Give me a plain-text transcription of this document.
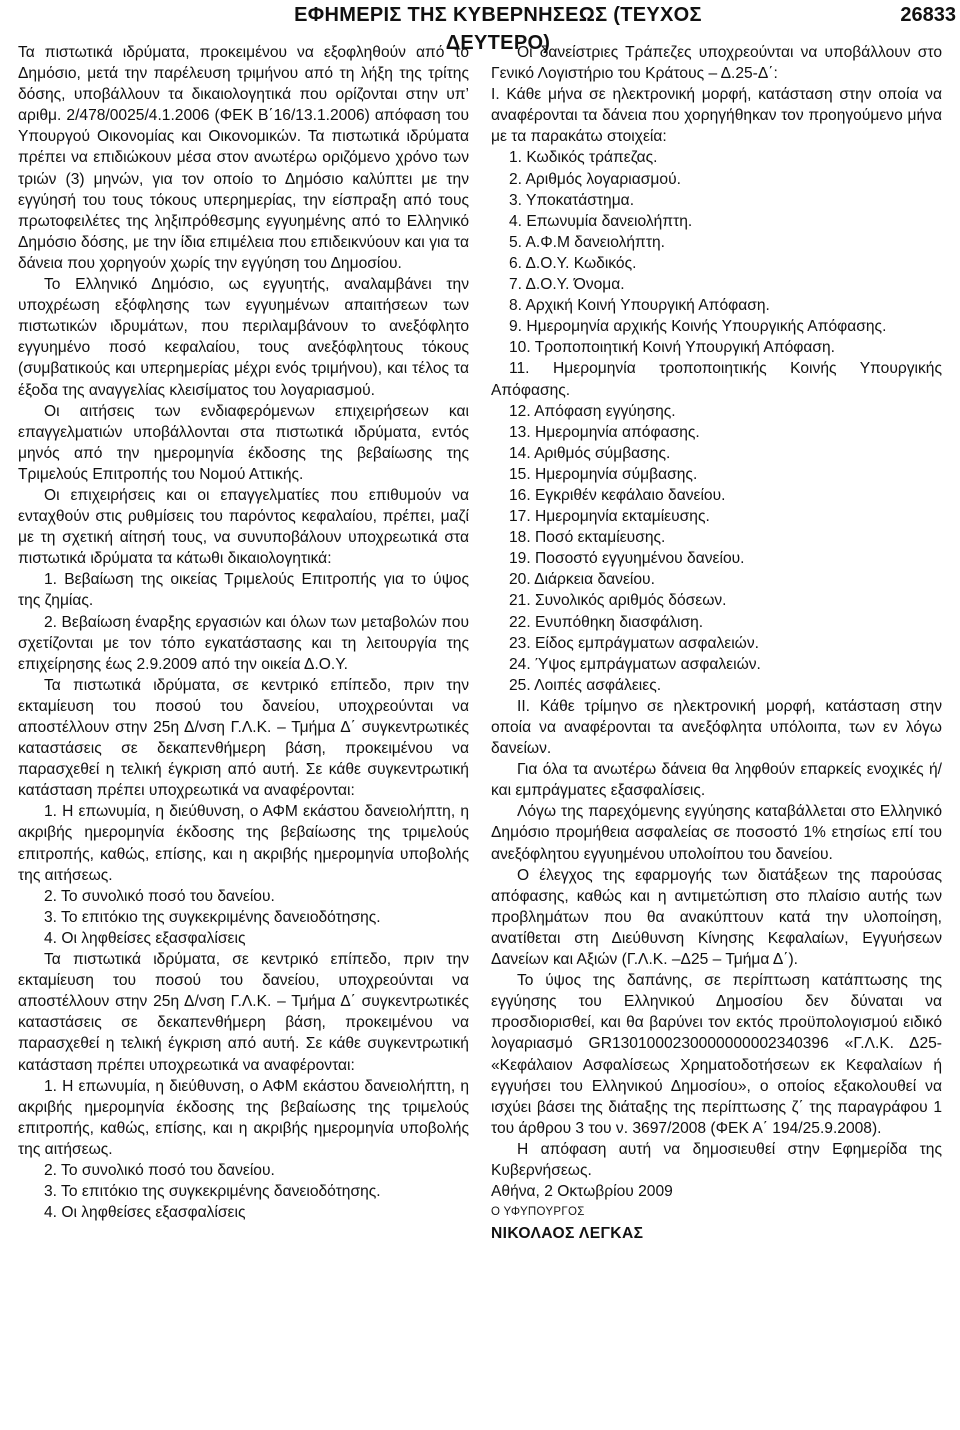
ΕΦΗΜΕΡΙΣ ΤΗΣ ΚΥΒΕΡΝΗΣΕΩΣ (ΤΕΥΧΟΣ ΔΕΥΤΕΡΟ)
26833

Τα πιστωτικά ιδρύματα, προκειμένου να εξοφληθούν από το Δημόσιο, μετά την παρέλευση τριμήνου από τη λήξη της τρίτης δόσης, υποβάλλουν τα δικαιολογητικά που ορίζονται στην υπ’ αριθμ. 2/478/0025/4.1.2006 (ΦΕΚ Β΄16/13.1.2006) απόφαση του Υπουργού Οικονομίας και Οικονομικών. Τα πιστωτικά ιδρύματα πρέπει να επιδιώκουν μέσα στον ανωτέρω οριζόμενο χρόνο των τριών (3) μηνών, για τον οποίο το Δημόσιο καλύπτει με την εγγύησή του τους τόκους υπερημερίας, την είσπραξη από τους πρωτοφειλέτες της ληξιπρόθεσμης εγγυημένης από το Ελληνικό Δημόσιο δόσης, με την ίδια επιμέλεια που επιδεικνύουν και για τα δάνεια που χορηγούν χωρίς την εγγύηση του Δημοσίου.

Το Ελληνικό Δημόσιο, ως εγγυητής, αναλαμβάνει την υποχρέωση εξόφλησης των εγγυημένων απαιτήσεων των πιστωτικών ιδρυμάτων, που περιλαμβάνουν το ανεξόφλητο εγγυημένο ποσό κεφαλαίου, τους ανεξόφλητους τόκους (συμβατικούς και υπερημερίας μέχρι ενός τριμήνου), και τέλος τα έξοδα της αναγγελίας κλεισίματος του λογαριασμού.

Οι αιτήσεις των ενδιαφερόμενων επιχειρήσεων και επαγγελματιών υποβάλλονται στα πιστωτικά ιδρύματα, εντός μηνός από την ημερομηνία έκδοσης της βεβαίωσης της Τριμελούς Επιτροπής του Νομού Αττικής.

Οι επιχειρήσεις και οι επαγγελματίες που επιθυμούν να ενταχθούν στις ρυθμίσεις του παρόντος κεφαλαίου, πρέπει, μαζί με τη σχετική αίτησή τους, να συνυποβάλουν υποχρεωτικά στα πιστωτικά ιδρύματα τα κάτωθι δικαιολογητικά:

1. Βεβαίωση της οικείας Τριμελούς Επιτροπής για το ύψος της ζημίας.

2. Βεβαίωση έναρξης εργασιών και όλων των μεταβολών που σχετίζονται με τον τόπο εγκατάστασης και τη λειτουργία της επιχείρησης έως 2.9.2009 από την οικεία Δ.Ο.Υ.

Τα πιστωτικά ιδρύματα, σε κεντρικό επίπεδο, πριν την εκταμίευση του ποσού του δανείου, υποχρεούνται να αποστέλλουν στην 25η Δ/νση Γ.Λ.Κ. – Τμήμα Δ΄ συγκεντρωτικές καταστάσεις σε δεκαπενθήμερη βάση, προκειμένου να παρασχεθεί η τελική έγκριση από αυτή. Σε κάθε συγκεντρωτική κατάσταση πρέπει υποχρεωτικά να αναφέρονται:

1. Η επωνυμία, η διεύθυνση, ο ΑΦΜ εκάστου δανειολήπτη, η ακριβής ημερομηνία έκδοσης της βεβαίωσης της τριμελούς επιτροπής, καθώς, επίσης, και η ακριβής ημερομηνία υποβολής της αιτήσεως.

2. Το συνολικό ποσό του δανείου.

3. Το επιτόκιο της συγκεκριμένης δανειοδότησης.

4. Οι ληφθείσες εξασφαλίσεις

Τα πιστωτικά ιδρύματα, σε κεντρικό επίπεδο, πριν την εκταμίευση του ποσού του δανείου, υποχρεούνται να αποστέλλουν στην 25η Δ/νση Γ.Λ.Κ. – Τμήμα Δ΄ συγκεντρωτικές καταστάσεις σε δεκαπενθήμερη βάση, προκειμένου να παρασχεθεί η τελική έγκριση από αυτή. Σε κάθε συγκεντρωτική κατάσταση πρέπει υποχρεωτικά να αναφέρονται:

1. Η επωνυμία, η διεύθυνση, ο ΑΦΜ εκάστου δανειολήπτη, η ακριβής ημερομηνία έκδοσης της βεβαίωσης της τριμελούς επιτροπής, καθώς, επίσης, και η ακριβής ημερομηνία υποβολής της αιτήσεως.

2. Το συνολικό ποσό του δανείου.

3. Το επιτόκιο της συγκεκριμένης δανειοδότησης.

4. Οι ληφθείσες εξασφαλίσεις

Οι δανείστριες Τράπεζες υποχρεούνται να υποβάλλουν στο Γενικό Λογιστήριο του Κράτους – Δ.25-Δ΄:

Ι. Κάθε μήνα σε ηλεκτρονική μορφή, κατάσταση στην οποία να αναφέρονται τα δάνεια που χορηγήθηκαν τον προηγούμενο μήνα με τα παρακάτω στοιχεία:

1. Κωδικός τράπεζας.

2. Αριθμός λογαριασμού.

3. Υποκατάστημα.

4. Επωνυμία δανειολήπτη.

5. Α.Φ.Μ δανειολήπτη.

6. Δ.Ο.Υ. Κωδικός.

7. Δ.Ο.Υ. Όνομα.

8. Αρχική Κοινή Υπουργική Απόφαση.

9. Ημερομηνία αρχικής Κοινής Υπουργικής Απόφασης.

10. Τροποποιητική Κοινή Υπουργική Απόφαση.

11. Ημερομηνία τροποποιητικής Κοινής Υπουργικής Απόφασης.

12. Απόφαση εγγύησης.

13. Ημερομηνία απόφασης.

14. Αριθμός σύμβασης.

15. Ημερομηνία σύμβασης.

16. Εγκριθέν κεφάλαιο δανείου.

17. Ημερομηνία εκταμίευσης.

18. Ποσό εκταμίευσης.

19. Ποσοστό εγγυημένου δανείου.

20. Διάρκεια δανείου.

21. Συνολικός αριθμός δόσεων.

22. Ενυπόθηκη διασφάλιση.

23. Είδος εμπράγματων ασφαλειών.

24. Ύψος εμπράγματων ασφαλειών.

25. Λοιπές ασφάλειες.

ΙΙ. Κάθε τρίμηνο σε ηλεκτρονική μορφή, κατάσταση στην οποία να αναφέρονται τα ανεξόφλητα υπόλοιπα, των εν λόγω δανείων.

Για όλα τα ανωτέρω δάνεια θα ληφθούν επαρκείς ενοχικές ή/και εμπράγματες εξασφαλίσεις.

Λόγω της παρεχόμενης εγγύησης καταβάλλεται στο Ελληνικό Δημόσιο προμήθεια ασφαλείας σε ποσοστό 1% ετησίως επί του ανεξόφλητου εγγυημένου υπολοίπου του δανείου.

Ο έλεγχος της εφαρμογής των διατάξεων της παρούσας απόφασης, καθώς και η αντιμετώπιση στο πλαίσιο αυτής των προβλημάτων που θα ανακύπτουν κατά την υλοποίηση, ανατίθεται στη Διεύθυνση Κίνησης Κεφαλαίων, Εγγυήσεων Δανείων και Αξιών (Γ.Λ.Κ. –Δ25 – Τμήμα Δ΄).

Το ύψος της δαπάνης, σε περίπτωση κατάπτωσης της εγγύησης του Ελληνικού Δημοσίου δεν δύναται να προσδιορισθεί, και θα βαρύνει τον εκτός προϋπολογισμού ειδικό λογαριασμό GR1301000230000000002340396 «Γ.Λ.Κ. Δ25- «Κεφάλαιον Ασφαλίσεως Χρηματοδοτήσεων εκ Κεφαλαίων ή εγγυήσει του Ελληνικού Δημοσίου», ο οποίος εξακολουθεί να ισχύει βάσει της διάταξης της περίπτωσης ζ΄ της παραγράφου 1 του άρθρου 3 του ν. 3697/2008 (ΦΕΚ Α΄ 194/25.9.2008).

Η απόφαση αυτή να δημοσιευθεί στην Εφημερίδα της Κυβερνήσεως.

Αθήνα, 2 Οκτωβρίου 2009

Ο ΥΦΥΠΟΥΡΓΟΣ

ΝΙΚΟΛΑΟΣ ΛΕΓΚΑΣ
